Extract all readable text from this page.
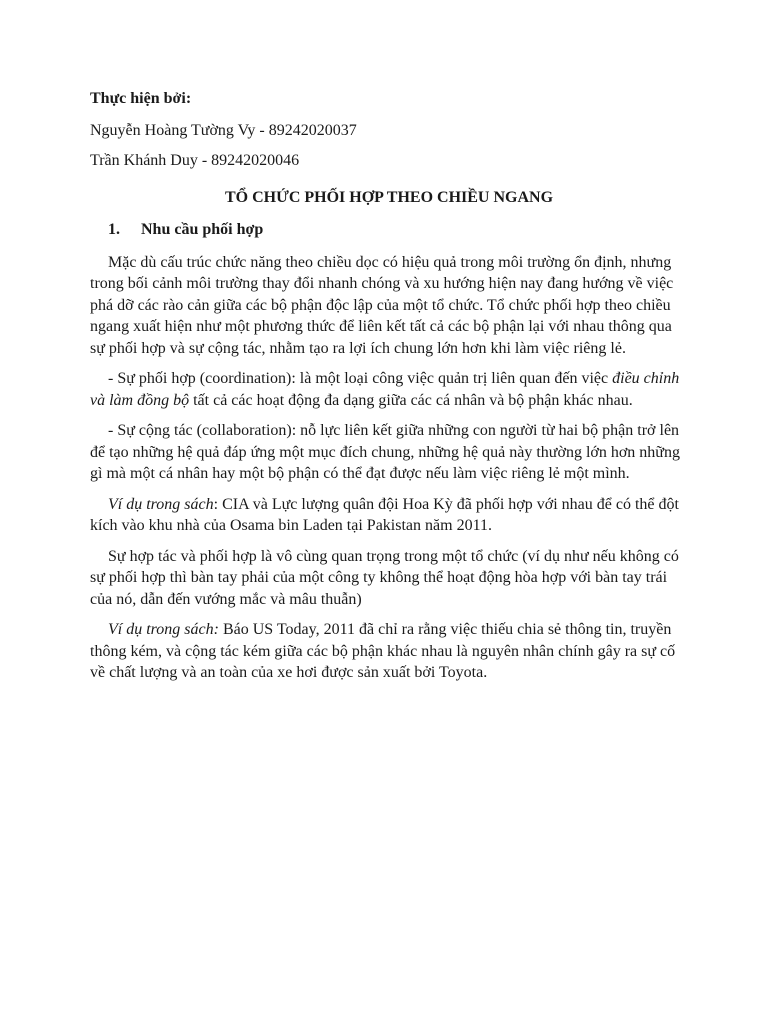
Thực hiện bởi:

Nguyễn Hoàng Tường Vy - 89242020037

Trần Khánh Duy - 89242020046

TỔ CHỨC PHỐI HỢP THEO CHIỀU NGANG

1. Nhu cầu phối hợp

Mặc dù cấu trúc chức năng theo chiều dọc có hiệu quả trong môi trường ổn định, nhưng trong bối cảnh môi trường thay đổi nhanh chóng và xu hướng hiện nay đang hướng về việc phá dỡ các rào cản giữa các bộ phận độc lập của một tổ chức. Tổ chức phối hợp theo chiều ngang xuất hiện như một phương thức để liên kết tất cả các bộ phận lại với nhau thông qua sự phối hợp và sự cộng tác, nhằm tạo ra lợi ích chung lớn hơn khi làm việc riêng lẻ.

- Sự phối hợp (coordination): là một loại công việc quản trị liên quan đến việc điều chỉnh và làm đồng bộ tất cả các hoạt động đa dạng giữa các cá nhân và bộ phận khác nhau.

- Sự cộng tác (collaboration): nỗ lực liên kết giữa những con người từ hai bộ phận trở lên để tạo những hệ quả đáp ứng một mục đích chung, những hệ quả này thường lớn hơn những gì mà một cá nhân hay một bộ phận có thể đạt được nếu làm việc riêng lẻ một mình.

Ví dụ trong sách: CIA và Lực lượng quân đội Hoa Kỳ đã phối hợp với nhau để có thể đột kích vào khu nhà của Osama bin Laden tại Pakistan năm 2011.

Sự hợp tác và phối hợp là vô cùng quan trọng trong một tổ chức (ví dụ như nếu không có sự phối hợp thì bàn tay phải của một công ty không thể hoạt động hòa hợp với bàn tay trái của nó, dẫn đến vướng mắc và mâu thuẫn)

Ví dụ trong sách: Báo US Today, 2011 đã chỉ ra rằng việc thiếu chia sẻ thông tin, truyền thông kém, và cộng tác kém giữa các bộ phận khác nhau là nguyên nhân chính gây ra sự cố về chất lượng và an toàn của xe hơi được sản xuất bởi Toyota.
